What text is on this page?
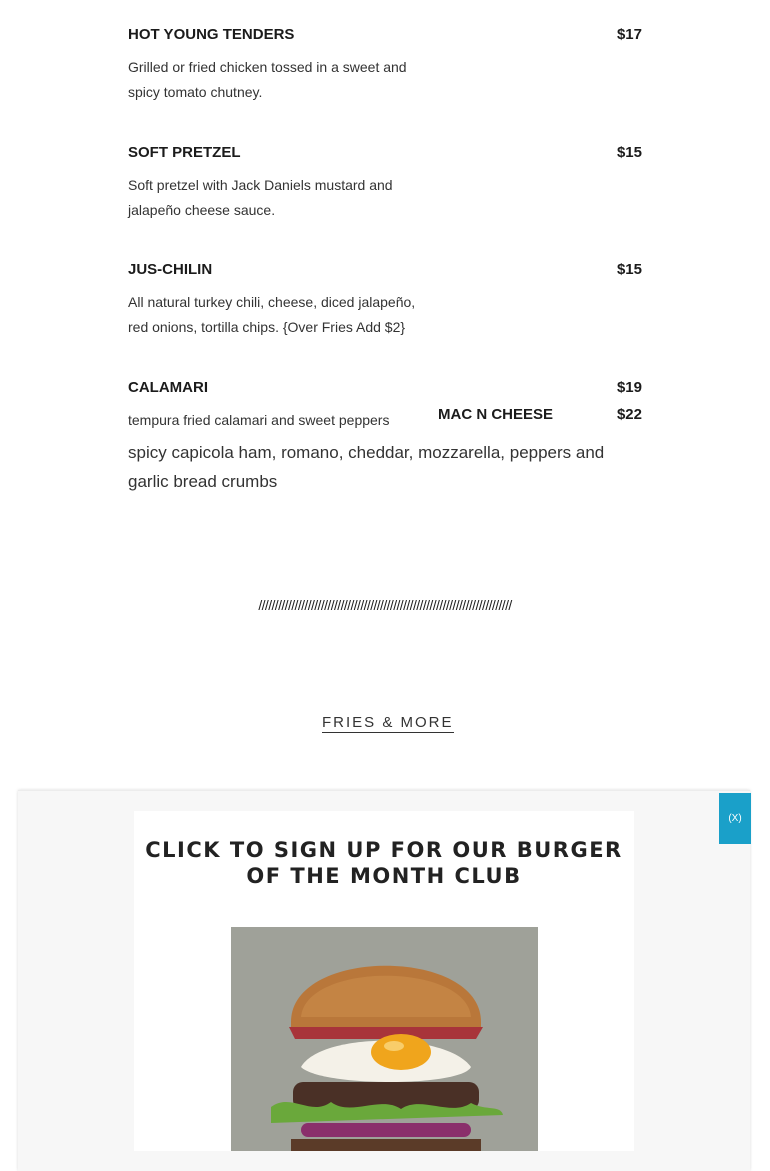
HOT YOUNG TENDERS	$17
Grilled or fried chicken tossed in a sweet and spicy tomato chutney.
SOFT PRETZEL	$15
Soft pretzel with Jack Daniels mustard and jalapeño cheese sauce.
JUS-CHILIN	$15
All natural turkey chili, cheese, diced jalapeño, red onions, tortilla chips. {Over Fries Add $2}
CALAMARI	$19
tempura fried calamari and sweet peppers	MAC N CHEESE	$22
spicy capicola ham, romano, cheddar, mozzarella, peppers and garlic bread crumbs
/////////////////////////////////////////////////////////////////////////////
FRIES & MORE
(X)
CLICK TO SIGN UP FOR OUR BURGER OF THE MONTH CLUB
